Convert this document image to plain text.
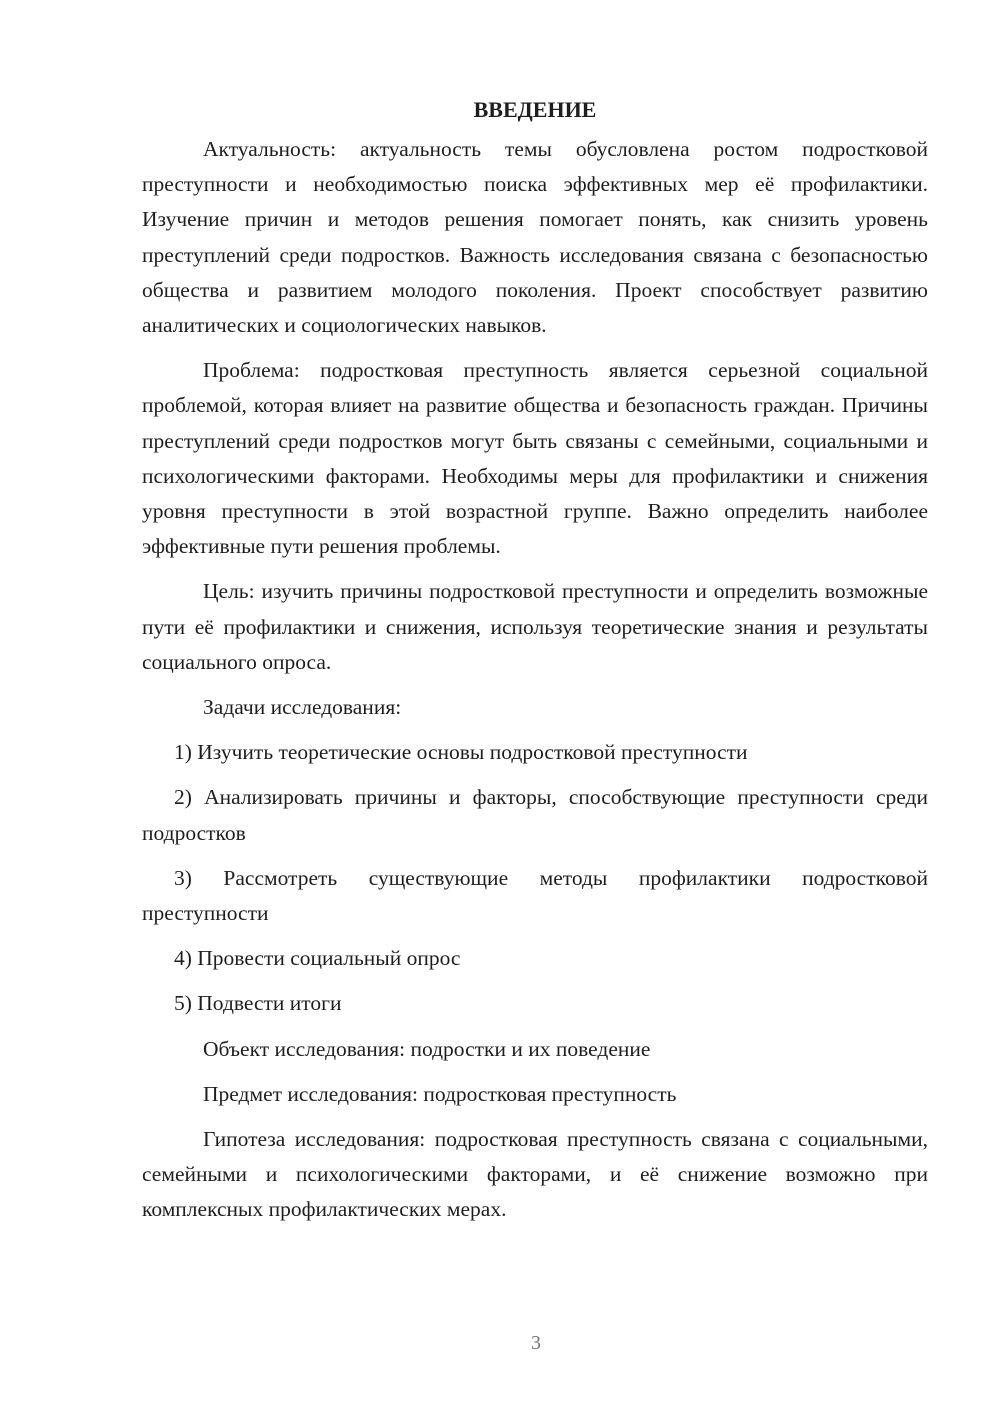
ВВЕДЕНИЕ

Актуальность: актуальность темы обусловлена ростом подростковой преступности и необходимостью поиска эффективных мер её профилактики. Изучение причин и методов решения помогает понять, как снизить уровень преступлений среди подростков. Важность исследования связана с безопасностью общества и развитием молодого поколения. Проект способствует развитию аналитических и социологических навыков.

Проблема: подростковая преступность является серьезной социальной проблемой, которая влияет на развитие общества и безопасность граждан. Причины преступлений среди подростков могут быть связаны с семейными, социальными и психологическими факторами. Необходимы меры для профилактики и снижения уровня преступности в этой возрастной группе. Важно определить наиболее эффективные пути решения проблемы.

Цель: изучить причины подростковой преступности и определить возможные пути её профилактики и снижения, используя теоретические знания и результаты социального опроса.

Задачи исследования:

1) Изучить теоретические основы подростковой преступности

2) Анализировать причины и факторы, способствующие преступности среди подростков

3) Рассмотреть существующие методы профилактики подростковой преступности

4) Провести социальный опрос

5) Подвести итоги

Объект исследования: подростки и их поведение

Предмет исследования: подростковая преступность

Гипотеза исследования: подростковая преступность связана с социальными, семейными и психологическими факторами, и её снижение возможно при комплексных профилактических мерах.

3
